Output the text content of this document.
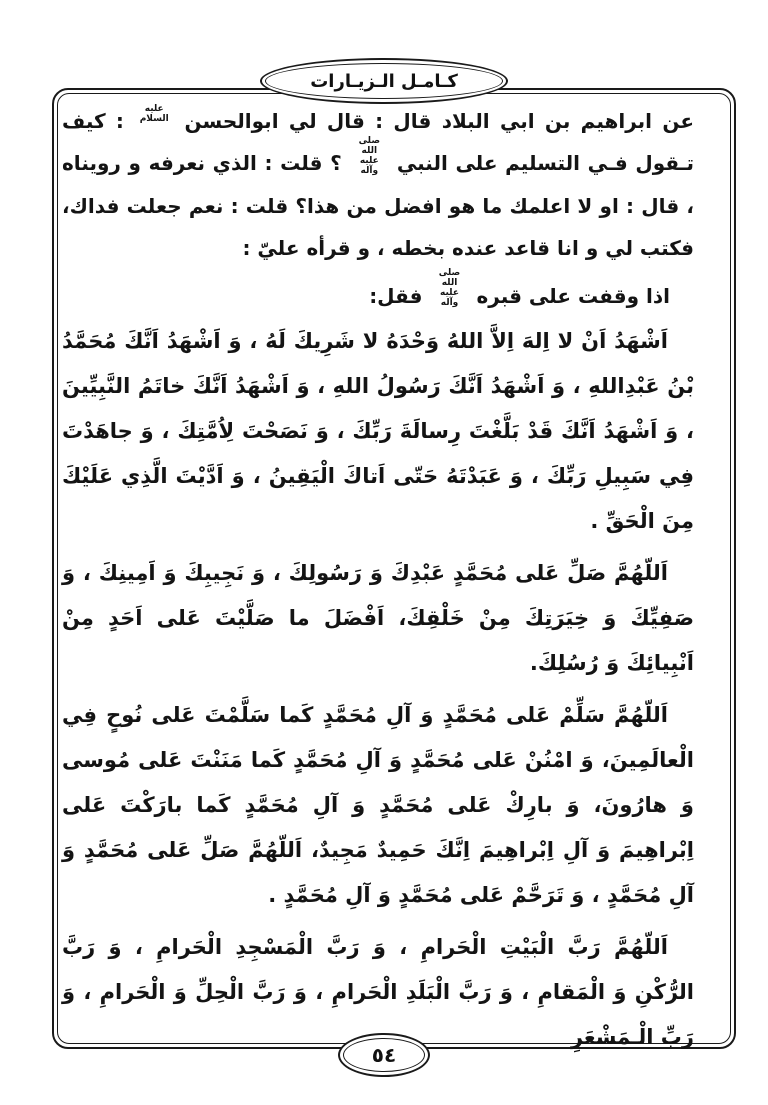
كـامـل الـزيـارات

عن ابراهيم بن ابي البلاد قال : قال لي ابوالحسن عليه السلام : كيف تـقول فـي التسليم على النبي صلى الله عليه وآله ؟ قلت : الذي نعرفه و رويناه ، قال : او لا اعلمك ما هو افضل من هذا؟ قلت : نعم جعلت فداك، فكتب لي و انا قاعد عنده بخطه ، و قرأه عليّ :

اذا وقفت على قبره صلى الله عليه وآله فقل:

اَشْهَدُ اَنْ لا اِلهَ اِلاَّ اللهُ وَحْدَهُ لا شَرِيكَ لَهُ ، وَ اَشْهَدُ اَنَّكَ مُحَمَّدُ بْنُ عَبْدِاللهِ ، وَ اَشْهَدُ اَنَّكَ رَسُولُ اللهِ ، وَ اَشْهَدُ اَنَّكَ خاتَمُ النَّبِيِّينَ ، وَ اَشْهَدُ اَنَّكَ قَدْ بَلَّغْتَ رِسالَةَ رَبِّكَ ، وَ نَصَحْتَ لِاُمَّتِكَ ، وَ جاهَدْتَ فِي سَبِيلِ رَبِّكَ ، وَ عَبَدْتَهُ حَتّى اَتاكَ الْيَقِينُ ، وَ اَدَّيْتَ الَّذِي عَلَيْكَ مِنَ الْحَقِّ .

اَللّهُمَّ صَلِّ عَلى مُحَمَّدٍ عَبْدِكَ وَ رَسُولِكَ ، وَ نَجِيبِكَ وَ اَمِينِكَ ، وَ صَفِيِّكَ وَ خِيَرَتِكَ مِنْ خَلْقِكَ، اَفْضَلَ ما صَلَّيْتَ عَلى اَحَدٍ مِنْ اَنْبِيائِكَ وَ رُسُلِكَ.

اَللّهُمَّ سَلِّمْ عَلى مُحَمَّدٍ وَ آلِ مُحَمَّدٍ كَما سَلَّمْتَ عَلى نُوحٍ فِي الْعالَمِينَ، وَ امْنُنْ عَلى مُحَمَّدٍ وَ آلِ مُحَمَّدٍ كَما مَنَنْتَ عَلى مُوسى وَ هارُونَ، وَ بارِكْ عَلى مُحَمَّدٍ وَ آلِ مُحَمَّدٍ كَما بارَكْتَ عَلى اِبْراهِيمَ وَ آلِ اِبْراهِيمَ اِنَّكَ حَمِيدٌ مَجِيدٌ، اَللّهُمَّ صَلِّ عَلى مُحَمَّدٍ وَ آلِ مُحَمَّدٍ ، وَ تَرَحَّمْ عَلى مُحَمَّدٍ وَ آلِ مُحَمَّدٍ .

اَللّهُمَّ رَبَّ الْبَيْتِ الْحَرامِ ، وَ رَبَّ الْمَسْجِدِ الْحَرامِ ، وَ رَبَّ الرُّكْنِ وَ الْمَقامِ ، وَ رَبَّ الْبَلَدِ الْحَرامِ ، وَ رَبَّ الْحِلِّ وَ الْحَرامِ ، وَ رَبِّ الْـمَشْعَرِ

٥٤
